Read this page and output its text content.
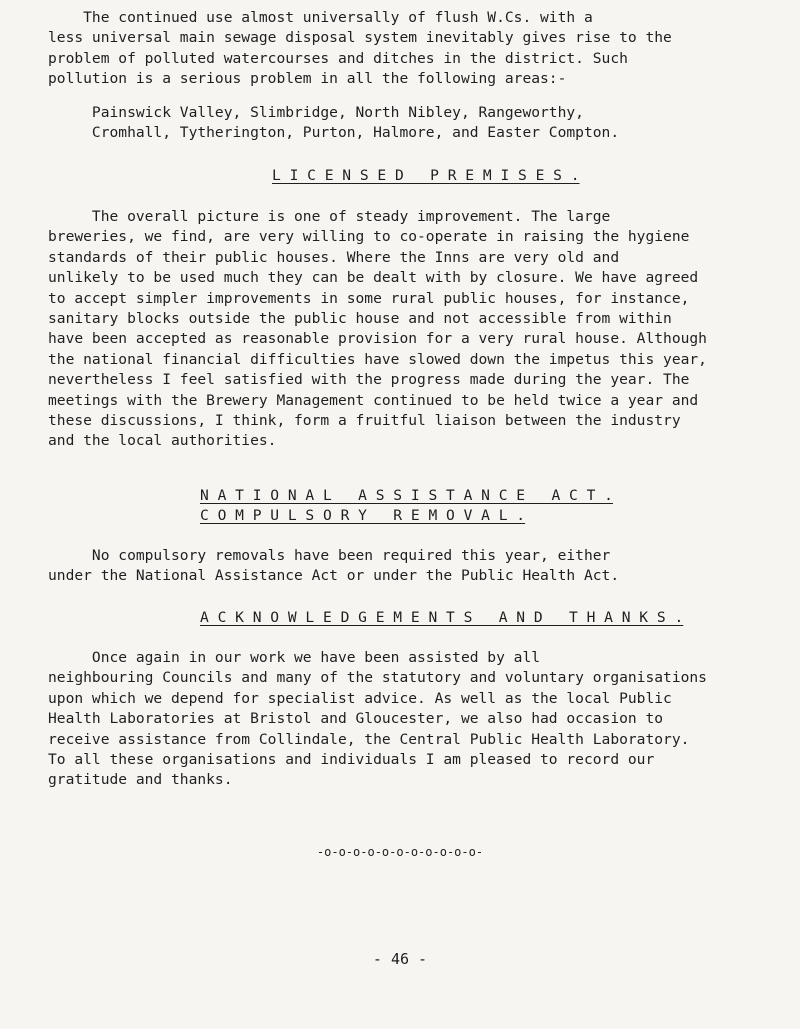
The continued use almost universally of flush W.Cs. with a
less universal main sewage disposal system inevitably gives rise to the
problem of polluted watercourses and ditches in the district. Such
pollution is a serious problem in all the following areas:-

Painswick Valley, Slimbridge, North Nibley, Rangeworthy,
Cromhall, Tytherington, Purton, Halmore, and Easter Compton.

L I C E N S E D   P R E M I S E S .

The overall picture is one of steady improvement. The large
breweries, we find, are very willing to co-operate in raising the hygiene
standards of their public houses. Where the Inns are very old and
unlikely to be used much they can be dealt with by closure. We have agreed
to accept simpler improvements in some rural public houses, for instance,
sanitary blocks outside the public house and not accessible from within
have been accepted as reasonable provision for a very rural house. Although
the national financial difficulties have slowed down the impetus this year,
nevertheless I feel satisfied with the progress made during the year. The
meetings with the Brewery Management continued to be held twice a year and
these discussions, I think, form a fruitful liaison between the industry
and the local authorities.

N A T I O N A L   A S S I S T A N C E   A C T .

C O M P U L S O R Y   R E M O V A L .

No compulsory removals have been required this year, either
under the National Assistance Act or under the Public Health Act.

A C K N O W L E D G E M E N T S   A N D   T H A N K S .

Once again in our work we have been assisted by all
neighbouring Councils and many of the statutory and voluntary organisations
upon which we depend for specialist advice. As well as the local Public
Health Laboratories at Bristol and Gloucester, we also had occasion to
receive assistance from Collindale, the Central Public Health Laboratory.
To all these organisations and individuals I am pleased to record our
gratitude and thanks.

-o-o-o-o-o-o-o-o-o-o-o-

- 46 -
